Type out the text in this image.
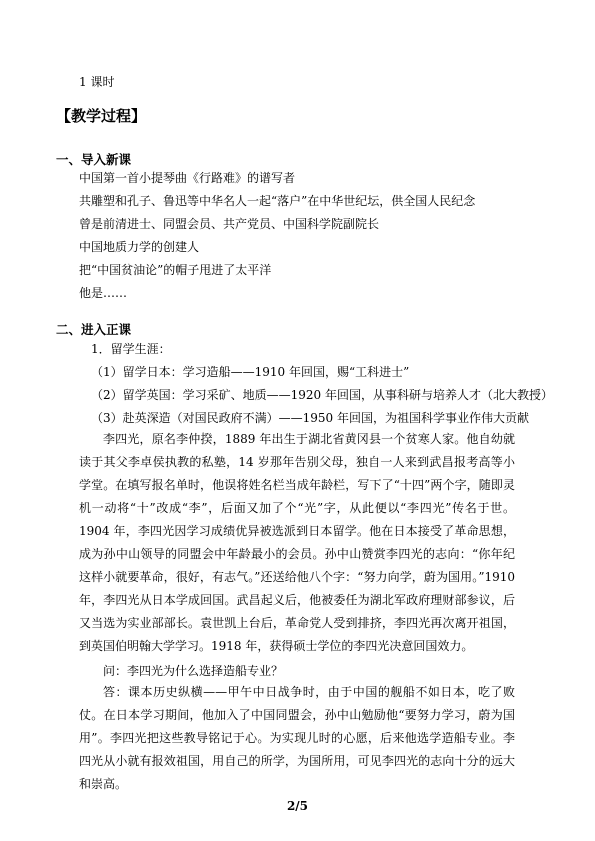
1 课时
【教学过程】
一、导入新课
中国第一首小提琴曲《行路难》的谱写者
共雕塑和孔子、鲁迅等中华名人一起“落户”在中华世纪坛，供全国人民纪念
曾是前清进士、同盟会员、共产党员、中国科学院副院长
中国地质力学的创建人
把“中国贫油论”的帽子甩进了太平洋
他是……
二、进入正课
1．留学生涯：
（1）留学日本：学习造船——1910 年回国，赐“工科进士”
（2）留学英国：学习采矿、地质——1920 年回国，从事科研与培养人才（北大教授）
（3）赴英深造（对国民政府不满）——1950 年回国，为祖国科学事业作伟大贡献
李四光，原名李仲揆，1889 年出生于湖北省黄冈县一个贫寒人家。他自幼就读于其父李卓侯执教的私塾，14 岁那年告别父母，独自一人来到武昌报考高等小学堂。在填写报名单时，他误将姓名栏当成年龄栏，写下了“十四”两个字，随即灵机一动将“十”改成“李”，后面又加了个“光”字，从此便以“李四光”传名于世。1904 年，李四光因学习成绩优异被选派到日本留学。他在日本接受了革命思想，成为孙中山领导的同盟会中年龄最小的会员。孙中山赞赏李四光的志向：“你年纪这样小就要革命，很好，有志气。”还送给他八个字：“努力向学，蔚为国用。”1910 年，李四光从日本学成回国。武昌起义后，他被委任为湖北军政府理财部参议，后又当选为实业部部长。袁世凯上台后，革命党人受到排挤，李四光再次离开祖国，到英国伯明翰大学学习。1918 年，获得硕士学位的李四光决意回国效力。
问：李四光为什么选择造船专业？
答：课本历史纵横——甲午中日战争时，由于中国的舰船不如日本，吃了败仗。在日本学习期间，他加入了中国同盟会，孙中山勉励他“要努力学习，蔚为国用”。李四光把这些教导铭记于心。为实现儿时的心愿，后来他选学造船专业。李四光从小就有报效祖国，用自己的所学，为国所用，可见李四光的志向十分的远大和崇高。
2/5
